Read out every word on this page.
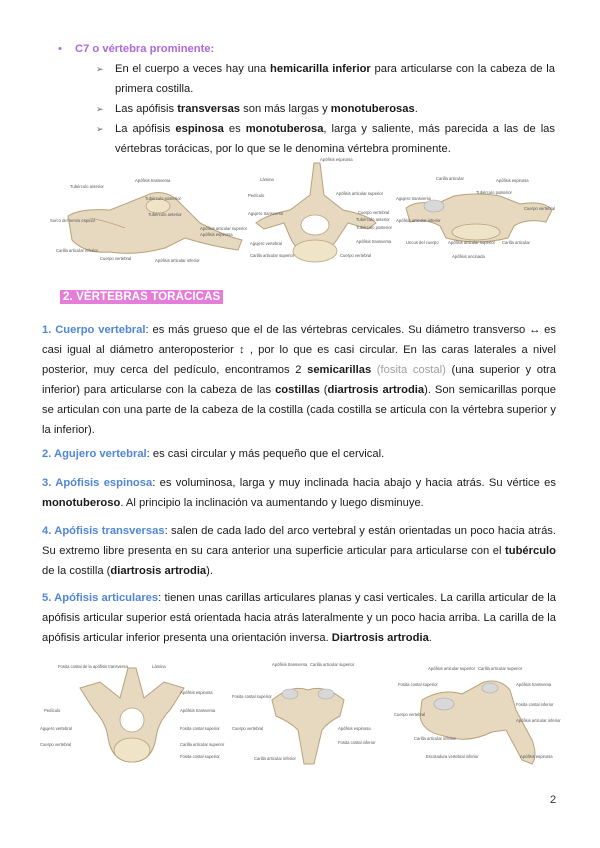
• C7 o vértebra prominente:
➢ En el cuerpo a veces hay una hemicarilla inferior para articularse con la cabeza de la primera costilla.
➢ Las apófisis transversas son más largas y monotuberosas.
➢ La apófisis espinosa es monotuberosa, larga y saliente, más parecida a las de las vértebras torácicas, por lo que se le denomina vértebra prominente.
Apófisis transversa
Tubérculo anterior
Tubérculo posterior
Tubérculo anterior
Surco del nervio espinal
Apófisis articular superior
Apófisis espinosa
Carilla articular inferior
Cuerpo vertebral	Apófisis articular inferior
Apófisis espinosa
Lámina
Apófisis articular superior
Pedículo
Agujero transverso	Cuerpo vertebral
Tubérculo anterior
Tubérculo posterior
Apófisis transversa
Agujero vertebral
Carilla articular superior	Cuerpo vertebral
Carilla articular	Apófisis espinosa
Tubérculo posterior
Agujero transverso
Cuerpo vertebral
Apófisis articular inferior
Uncus del cuerpo Apófisis articular superior Carilla articular
Apófisis uncinada
2. VÉRTEBRAS TORÁCICAS
1. Cuerpo vertebral: es más grueso que el de las vértebras cervicales. Su diámetro transverso ↔ es casi igual al diámetro anteroposterior ↕ , por lo que es casi circular. En las caras laterales a nivel posterior, muy cerca del pedículo, encontramos 2 semicarillas (fosita costal) (una superior y otra inferior) para articularse con la cabeza de las costillas (diartrosis artrodia). Son semicarillas porque se articulan con una parte de la cabeza de la costilla (cada costilla se articula con la vértebra superior y la inferior).
2. Agujero vertebral: es casi circular y más pequeño que el cervical.
3. Apófisis espinosa: es voluminosa, larga y muy inclinada hacia abajo y hacia atrás. Su vértice es monotuberoso. Al principio la inclinación va aumentando y luego disminuye.
4. Apófisis transversas: salen de cada lado del arco vertebral y están orientadas un poco hacia atrás. Su extremo libre presenta en su cara anterior una superficie articular para articularse con el tubérculo de la costilla (diartrosis artrodia).
5. Apófisis articulares: tienen unas carillas articulares planas y casi verticales. La carilla articular de la apófisis articular superior está orientada hacia atrás lateralmente y un poco hacia arriba. La carilla de la apófisis articular inferior presenta una orientación inversa. Diartrosis artrodia.
Fosita costal de la apófisis transversa	Lámina
Apófisis espinosa
Apófisis transversa
Pedículo
Agujero vertebral	Fosita costal superior
Cuerpo vertebral	Carilla articular superior
Fosita costal superior
Apófisis transversa Carilla articular superior
Fosita costal superior
Cuerpo vertebral	Apófisis espinosa
Fosita costal inferior
Carilla articular inferior
Apófisis articular superior Carilla articular superior
Fosita costal superior	Apófisis transversa
Cuerpo vertebral
Fosita costal inferior
Apófisis articular inferior
Carilla articular inferior
Escotadura vertebral inferior	Apófisis espinosa
2
